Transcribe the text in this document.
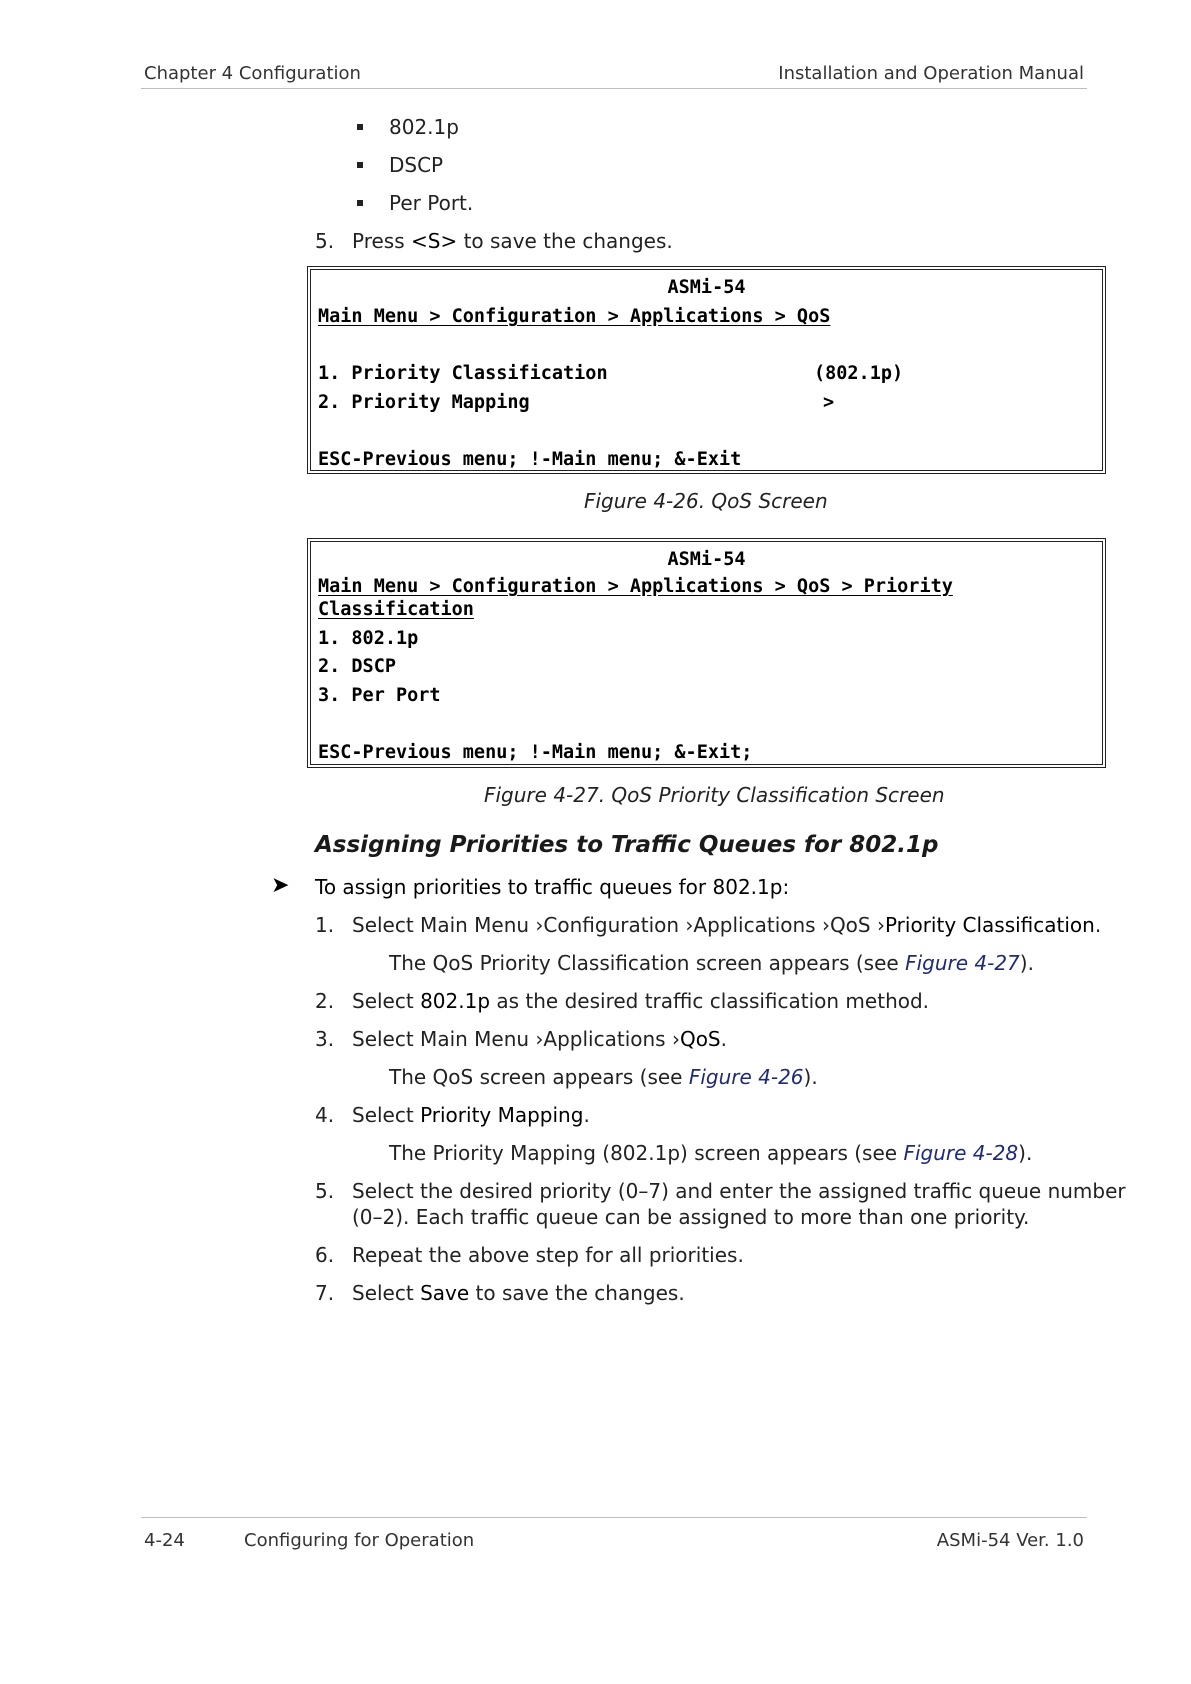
Chapter 4 Configuration	Installation and Operation Manual
802.1p
DSCP
Per Port.
5. Press <S> to save the changes.
ASMi-54
Main Menu > Configuration > Applications > QoS
1. Priority Classification	(802.1p)
2. Priority Mapping	>
ESC-Previous menu; !-Main menu; &-Exit
Figure 4-26. QoS Screen
ASMi-54
Main Menu > Configuration > Applications > QoS > Priority
Classification
1. 802.1p
2. DSCP
3. Per Port
ESC-Previous menu; !-Main menu; &-Exit;
Figure 4-27. QoS Priority Classification Screen
Assigning Priorities to Traffic Queues for 802.1p
➤ To assign priorities to traffic queues for 802.1p:
1. Select Main Menu ›Configuration ›Applications ›QoS ›Priority Classification.
The QoS Priority Classification screen appears (see Figure 4-27).
2. Select 802.1p as the desired traffic classification method.
3. Select Main Menu ›Applications ›QoS.
The QoS screen appears (see Figure 4-26).
4. Select Priority Mapping.
The Priority Mapping (802.1p) screen appears (see Figure 4-28).
5. Select the desired priority (0–7) and enter the assigned traffic queue number
(0–2). Each traffic queue can be assigned to more than one priority.
6. Repeat the above step for all priorities.
7. Select Save to save the changes.
4-24	Configuring for Operation	ASMi-54 Ver. 1.0
